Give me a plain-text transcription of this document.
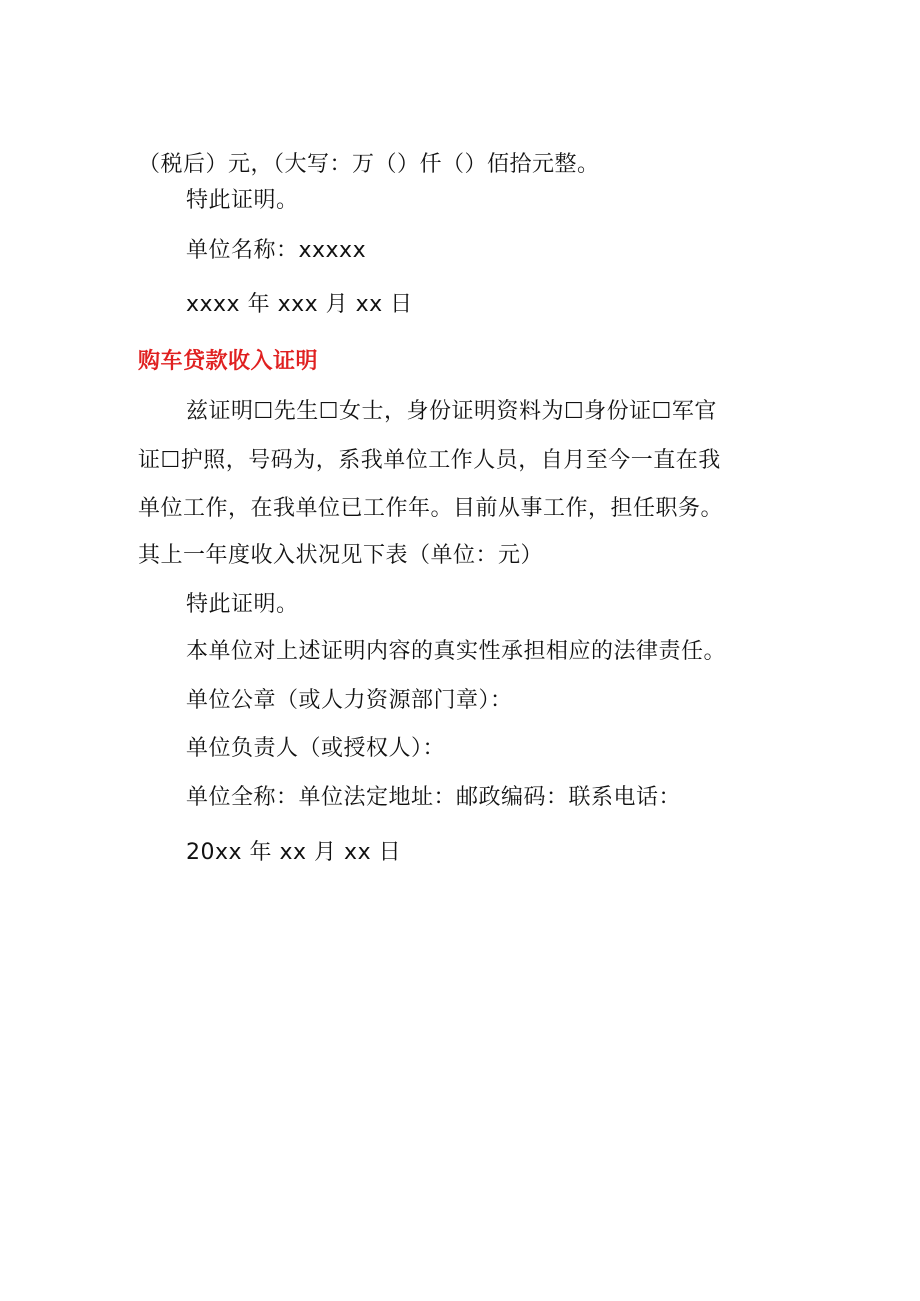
（税后）元，（大写：万（）仟（）佰拾元整。
特此证明。
单位名称：xxxxx
xxxx 年 xxx 月 xx 日
购车贷款收入证明
兹证明☐先生☐女士，身份证明资料为☐身份证☐军官
证☐护照，号码为，系我单位工作人员，自月至今一直在我
单位工作，在我单位已工作年。目前从事工作，担任职务。
其上一年度收入状况见下表（单位：元）
特此证明。
本单位对上述证明内容的真实性承担相应的法律责任。
单位公章（或人力资源部门章）：
单位负责人（或授权人）：
单位全称：单位法定地址：邮政编码：联系电话：
20xx 年 xx 月 xx 日
